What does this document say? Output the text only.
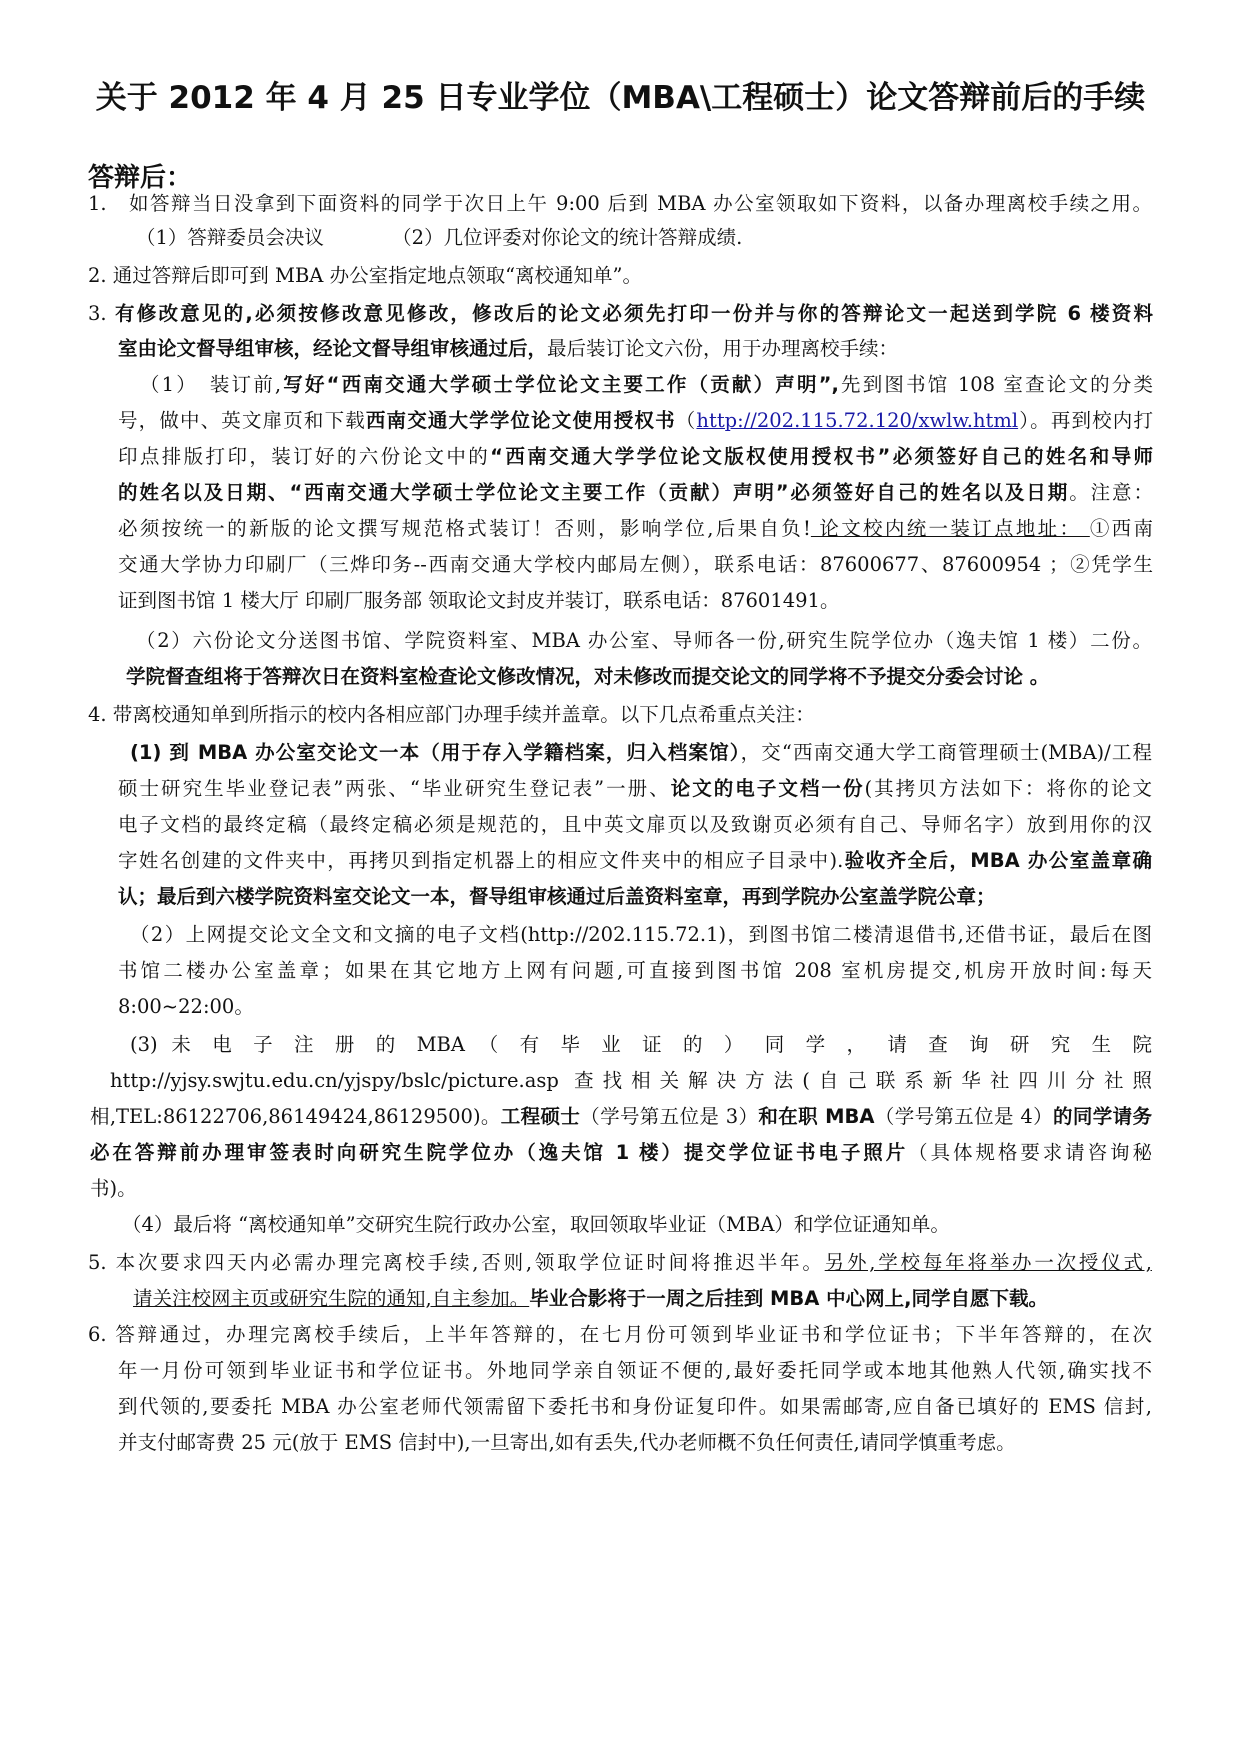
关于 2012 年 4 月 25 日专业学位（MBA\工程硕士）论文答辩前后的手续
答辩后：
1.　如答辩当日没拿到下面资料的同学于次日上午 9:00 后到 MBA 办公室领取如下资料，以备办理离校手续之用。
（1）答辩委员会决议　　　　（2）几位评委对你论文的统计答辩成绩.
2. 通过答辩后即可到 MBA 办公室指定地点领取“离校通知单”。
3. 有修改意见的,必须按修改意见修改，修改后的论文必须先打印一份并与你的答辩论文一起送到学院 6 楼资料
室由论文督导组审核，经论文督导组审核通过后，最后装订论文六份，用于办理离校手续：
（1）　装订前,写好“西南交通大学硕士学位论文主要工作（贡献）声明”,先到图书馆 108 室查论文的分类
号，做中、英文扉页和下载西南交通大学学位论文使用授权书（http://202.115.72.120/xwlw.html）。再到校内打
印点排版打印，装订好的六份论文中的“西南交通大学学位论文版权使用授权书”必须签好自己的姓名和导师
的姓名以及日期、“西南交通大学硕士学位论文主要工作（贡献）声明”必须签好自己的姓名以及日期。注意：
必须按统一的新版的论文撰写规范格式装订！否则，影响学位,后果自负! 论文校内统一装订点地址： ①西南
交通大学协力印刷厂（三烨印务--西南交通大学校内邮局左侧），联系电话：87600677、87600954 ；②凭学生
证到图书馆 1 楼大厅 印刷厂服务部 领取论文封皮并装订，联系电话：87601491。
（2）六份论文分送图书馆、学院资料室、MBA 办公室、导师各一份,研究生院学位办（逸夫馆 1 楼）二份。
学院督查组将于答辩次日在资料室检查论文修改情况，对未修改而提交论文的同学将不予提交分委会讨论 。
4. 带离校通知单到所指示的校内各相应部门办理手续并盖章。以下几点希重点关注：
(1) 到 MBA 办公室交论文一本（用于存入学籍档案，归入档案馆），交“西南交通大学工商管理硕士(MBA)/工程
硕士研究生毕业登记表”两张、“毕业研究生登记表”一册、论文的电子文档一份(其拷贝方法如下：将你的论文
电子文档的最终定稿（最终定稿必须是规范的，且中英文扉页以及致谢页必须有自己、导师名字）放到用你的汉
字姓名创建的文件夹中，再拷贝到指定机器上的相应文件夹中的相应子目录中).验收齐全后，MBA 办公室盖章确
认；最后到六楼学院资料室交论文一本，督导组审核通过后盖资料室章，再到学院办公室盖学院公章；
（2）上网提交论文全文和文摘的电子文档(http://202.115.72.1)，到图书馆二楼清退借书,还借书证，最后在图
书馆二楼办公室盖章；如果在其它地方上网有问题,可直接到图书馆 208 室机房提交,机房开放时间:每天
8:00~22:00。
(3) 未 电 子 注 册 的 MBA （ 有 毕 业 证 的 ） 同 学 ， 请 查 询 研 究 生 院
http://yjsy.swjtu.edu.cn/yjspy/bslc/picture.asp 查找相关解决方法(自己联系新华社四川分社照
相,TEL:86122706,86149424,86129500)。工程硕士（学号第五位是 3）和在职 MBA（学号第五位是 4）的同学请务
必在答辩前办理审签表时向研究生院学位办（逸夫馆 1 楼）提交学位证书电子照片（具体规格要求请咨询秘
书)。
（4）最后将 “离校通知单”交研究生院行政办公室，取回领取毕业证（MBA）和学位证通知单。
5. 本次要求四天内必需办理完离校手续,否则,领取学位证时间将推迟半年。另外,学校每年将举办一次授仪式,
请关注校网主页或研究生院的通知,自主参加。毕业合影将于一周之后挂到 MBA 中心网上,同学自愿下载。
6. 答辩通过，办理完离校手续后，上半年答辩的，在七月份可领到毕业证书和学位证书；下半年答辩的，在次
年一月份可领到毕业证书和学位证书。外地同学亲自领证不便的,最好委托同学或本地其他熟人代领,确实找不
到代领的,要委托 MBA 办公室老师代领需留下委托书和身份证复印件。如果需邮寄,应自备已填好的 EMS 信封,
并支付邮寄费 25 元(放于 EMS 信封中),一旦寄出,如有丢失,代办老师概不负任何责任,请同学慎重考虑。
